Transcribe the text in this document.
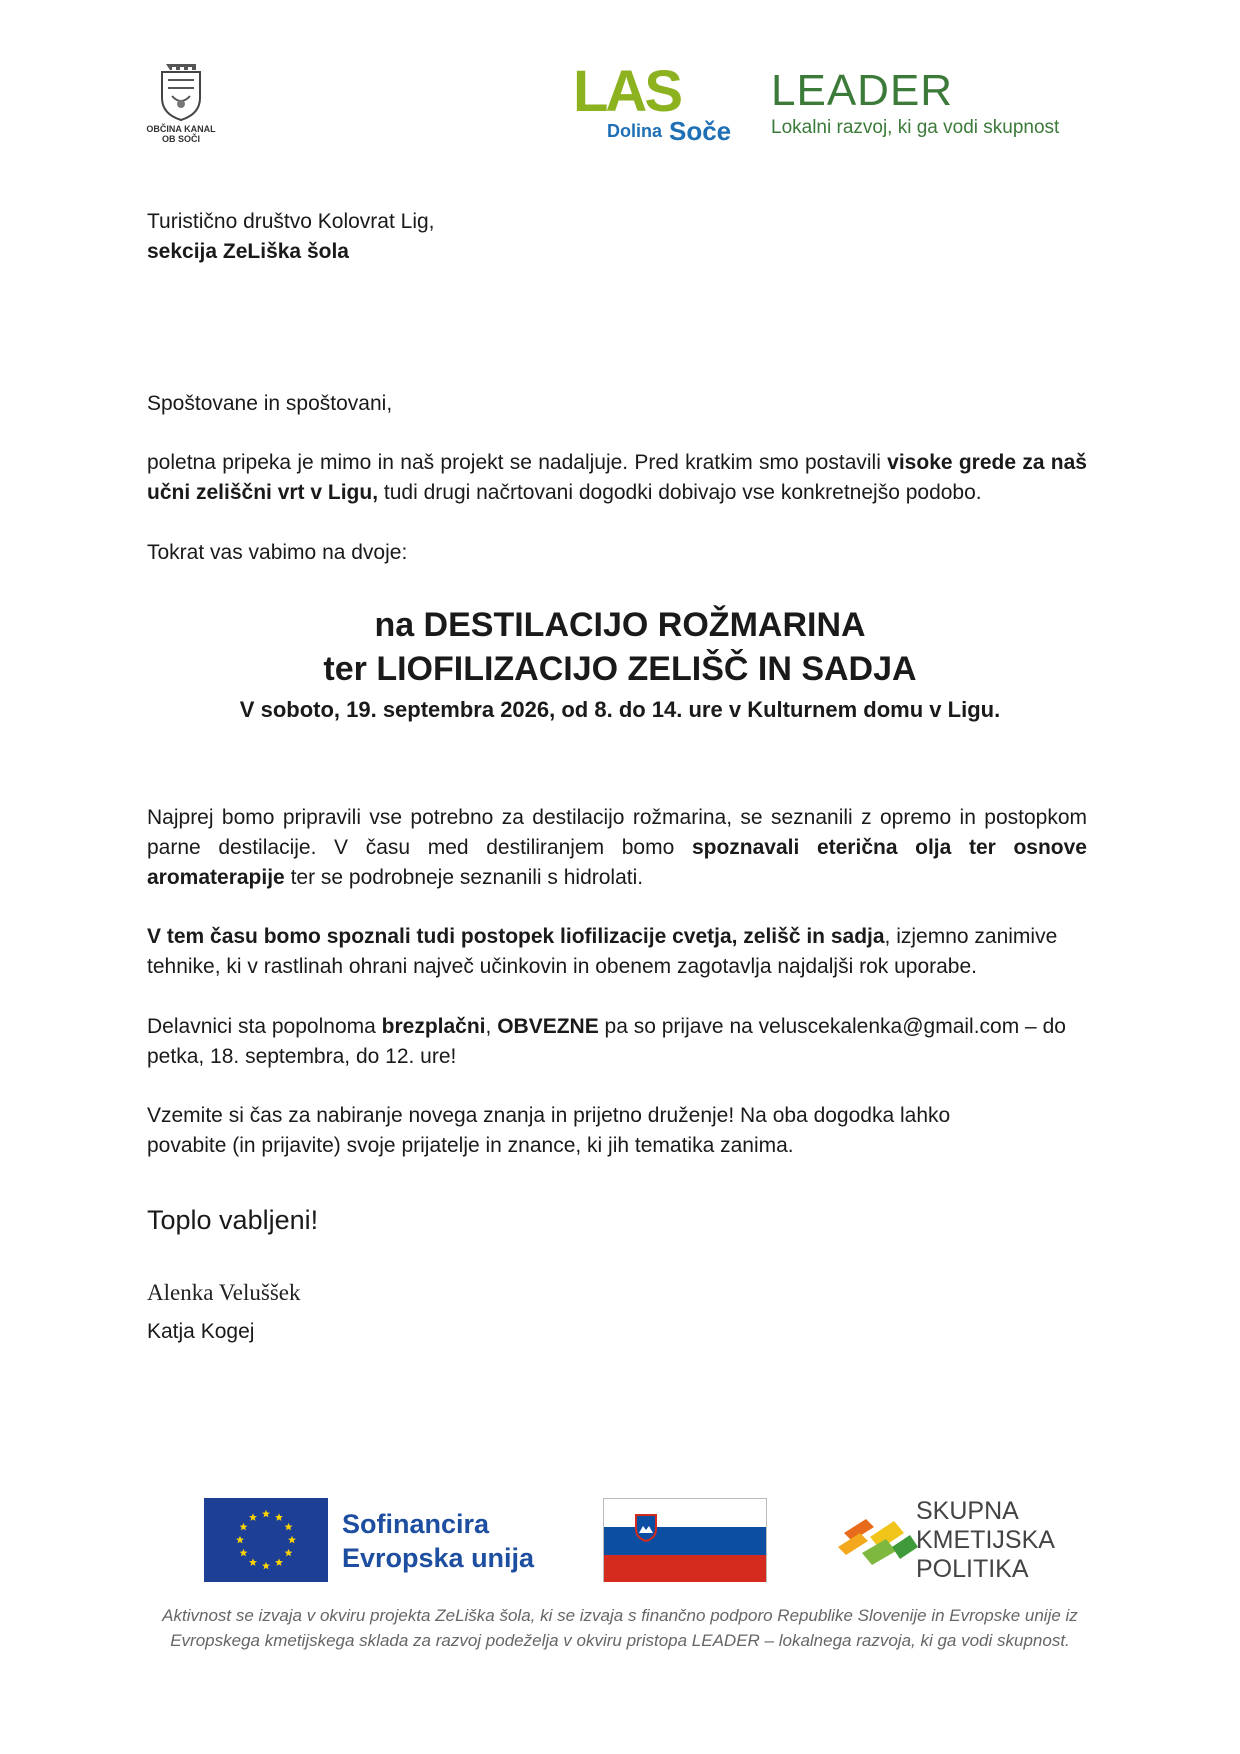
OBČINA KANAL OB SOČI
LAS
Dolina Soče
LEADER
Lokalni razvoj, ki ga vodi skupnost
Turistično društvo Kolovrat Lig,
sekcija ZeLiška šola
Spoštovane in spoštovani,
poletna pripeka je mimo in naš projekt se nadaljuje. Pred kratkim smo postavili visoke grede za naš učni zeliščni vrt v Ligu, tudi drugi načrtovani dogodki dobivajo vse konkretnejšo podobo.
Tokrat vas vabimo na dvoje:
na DESTILACIJO ROŽMARINA
ter LIOFILIZACIJO ZELIŠČ IN SADJA
V soboto, 19. septembra 2026, od 8. do 14. ure v Kulturnem domu v Ligu.
Najprej bomo pripravili vse potrebno za destilacijo rožmarina, se seznanili z opremo in postopkom parne destilacije. V času med destiliranjem bomo spoznavali eterična olja ter osnove aromaterapije ter se podrobneje seznanili s hidrolati.
V tem času bomo spoznali tudi postopek liofilizacije cvetja, zelišč in sadja, izjemno zanimive tehnike, ki v rastlinah ohrani največ učinkovin in obenem zagotavlja najdaljši rok uporabe.
Delavnici sta popolnoma brezplačni, OBVEZNE pa so prijave na veluscekalenka@gmail.com – do petka, 18. septembra, do 12. ure!
Vzemite si čas za nabiranje novega znanja in prijetno druženje! Na oba dogodka lahko povabite (in prijavite) svoje prijatelje in znance, ki jih tematika zanima.
Toplo vabljeni!
Alenka Veluššek
Katja Kogej
Sofinancira
Evropska unija
SKUPNA
KMETIJSKA
POLITIKA
Aktivnost se izvaja v okviru projekta ZeLiška šola, ki se izvaja s finančno podporo Republike Slovenije in Evropske unije iz Evropskega kmetijskega sklada za razvoj podeželja v okviru pristopa LEADER – lokalnega razvoja, ki ga vodi skupnost.
